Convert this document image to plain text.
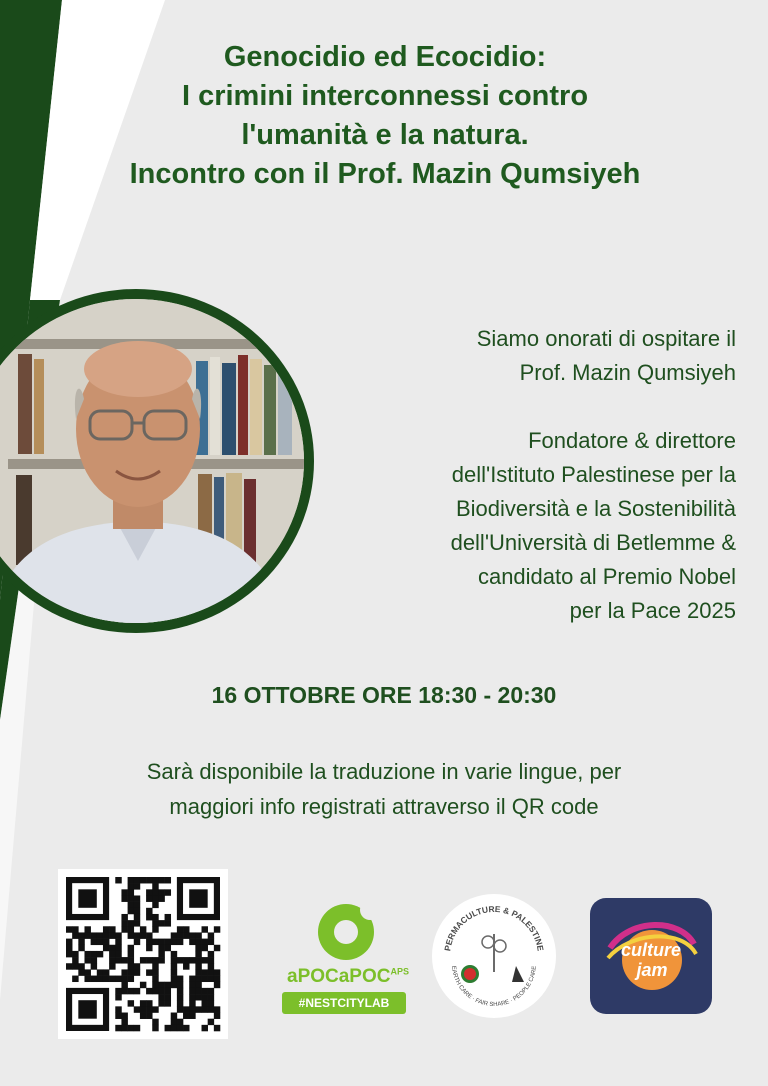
Genocidio ed Ecocidio:
I crimini interconnessi contro
l'umanità e la natura.
Incontro con il Prof. Mazin Qumsiyeh
Siamo onorati di ospitare il
Prof. Mazin Qumsiyeh
Fondatore & direttore
dell'Istituto Palestinese per la
Biodiversità e la Sostenibilità
dell'Università di Betlemme &
candidato al Premio Nobel
per la Pace 2025
16 OTTOBRE ORE 18:30 - 20:30
Sarà disponibile la traduzione in varie lingue, per
maggiori info registrati attraverso il QR code
aPOCaPOC$^{APS}$
#NESTCITYLAB
PERMACULTURE & PALESTINE
EARTH CARE · FAIR SHARE · PEOPLE CARE
culture
jam
